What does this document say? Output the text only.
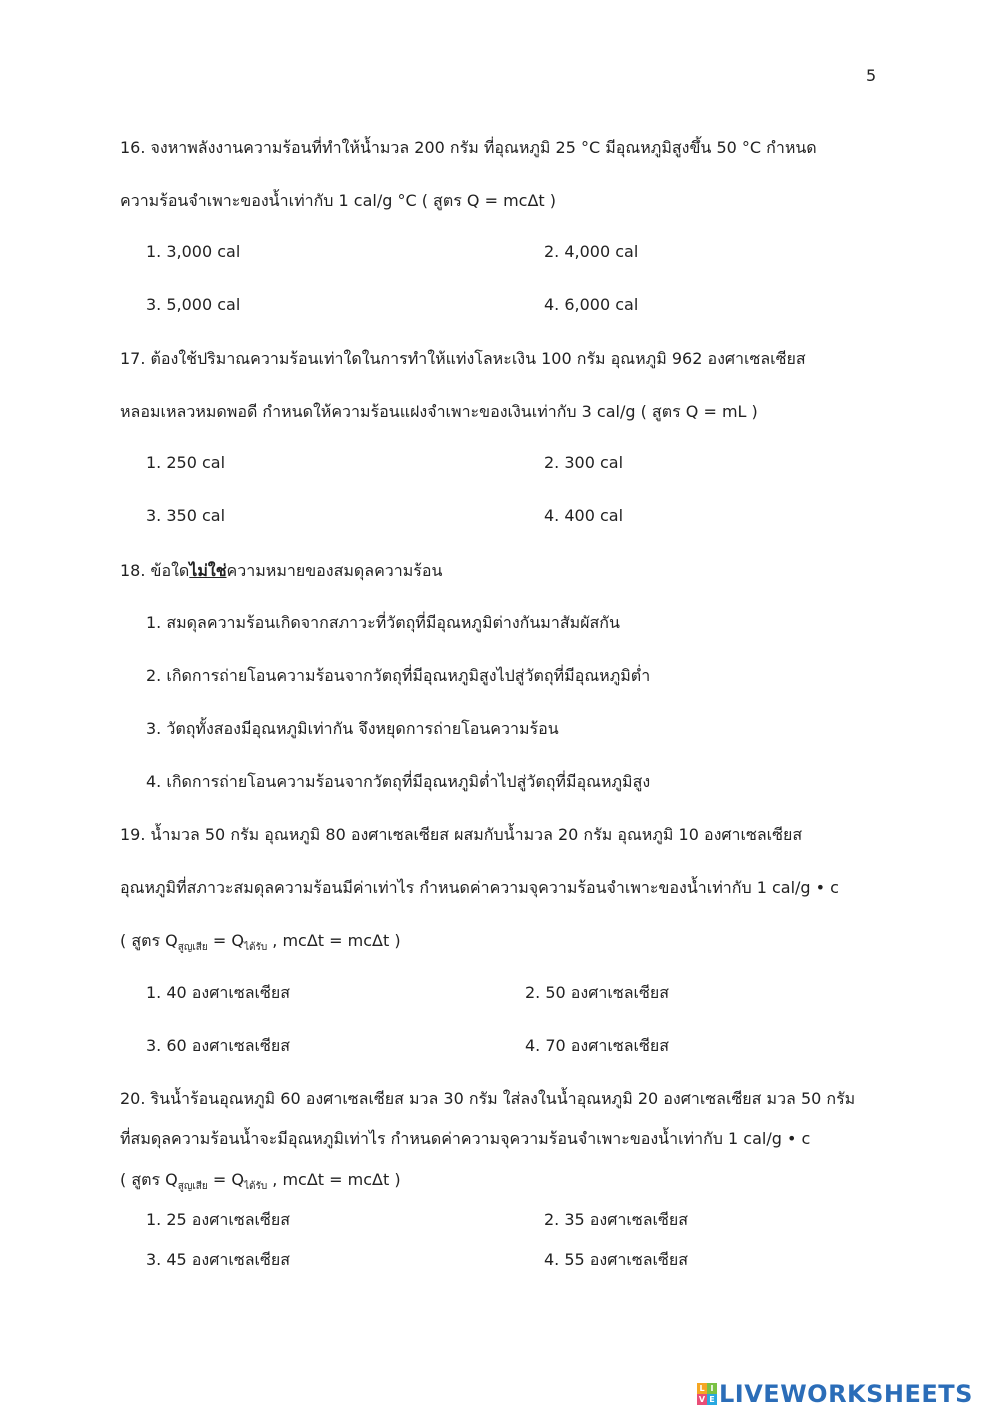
5
16. จงหาพลังงานความร้อนที่ทำให้น้ำมวล 200 กรัม ที่อุณหภูมิ 25 °C มีอุณหภูมิสูงขึ้น 50 °C กำหนด
ความร้อนจำเพาะของน้ำเท่ากับ 1 cal/g °C ( สูตร Q = mcΔt )
1. 3,000 cal	2. 4,000 cal
3. 5,000 cal	4. 6,000 cal
17. ต้องใช้ปริมาณความร้อนเท่าใดในการทำให้แท่งโลหะเงิน 100 กรัม อุณหภูมิ 962 องศาเซลเซียส
หลอมเหลวหมดพอดี กำหนดให้ความร้อนแฝงจำเพาะของเงินเท่ากับ 3 cal/g ( สูตร Q = mL )
1. 250 cal	2. 300 cal
3. 350 cal	4. 400 cal
18. ข้อใดไม่ใช่ความหมายของสมดุลความร้อน
1. สมดุลความร้อนเกิดจากสภาวะที่วัตถุที่มีอุณหภูมิต่างกันมาสัมผัสกัน
2. เกิดการถ่ายโอนความร้อนจากวัตถุที่มีอุณหภูมิสูงไปสู่วัตถุที่มีอุณหภูมิต่ำ
3. วัตถุทั้งสองมีอุณหภูมิเท่ากัน จึงหยุดการถ่ายโอนความร้อน
4. เกิดการถ่ายโอนความร้อนจากวัตถุที่มีอุณหภูมิต่ำไปสู่วัตถุที่มีอุณหภูมิสูง
19. น้ำมวล 50 กรัม อุณหภูมิ 80 องศาเซลเซียส ผสมกับน้ำมวล 20 กรัม อุณหภูมิ 10 องศาเซลเซียส
อุณหภูมิที่สภาวะสมดุลความร้อนมีค่าเท่าไร กำหนดค่าความจุความร้อนจำเพาะของน้ำเท่ากับ 1 cal/g • c
( สูตร $Q_{สูญเสีย} = Q_{ได้รับ}$ , mcΔt = mcΔt )
1. 40 องศาเซลเซียส	2. 50 องศาเซลเซียส
3. 60 องศาเซลเซียส	4. 70 องศาเซลเซียส
20. รินน้ำร้อนอุณหภูมิ 60 องศาเซลเซียส มวล 30 กรัม ใส่ลงในน้ำอุณหภูมิ 20 องศาเซลเซียส มวล 50 กรัม
ที่สมดุลความร้อนน้ำจะมีอุณหภูมิเท่าไร กำหนดค่าความจุความร้อนจำเพาะของน้ำเท่ากับ 1 cal/g • c
( สูตร $Q_{สูญเสีย} = Q_{ได้รับ}$ , mcΔt = mcΔt )
1. 25 องศาเซลเซียส	2. 35 องศาเซลเซียส
3. 45 องศาเซลเซียส	4. 55 องศาเซลเซียส
L I
V E LIVEWORKSHEETS
